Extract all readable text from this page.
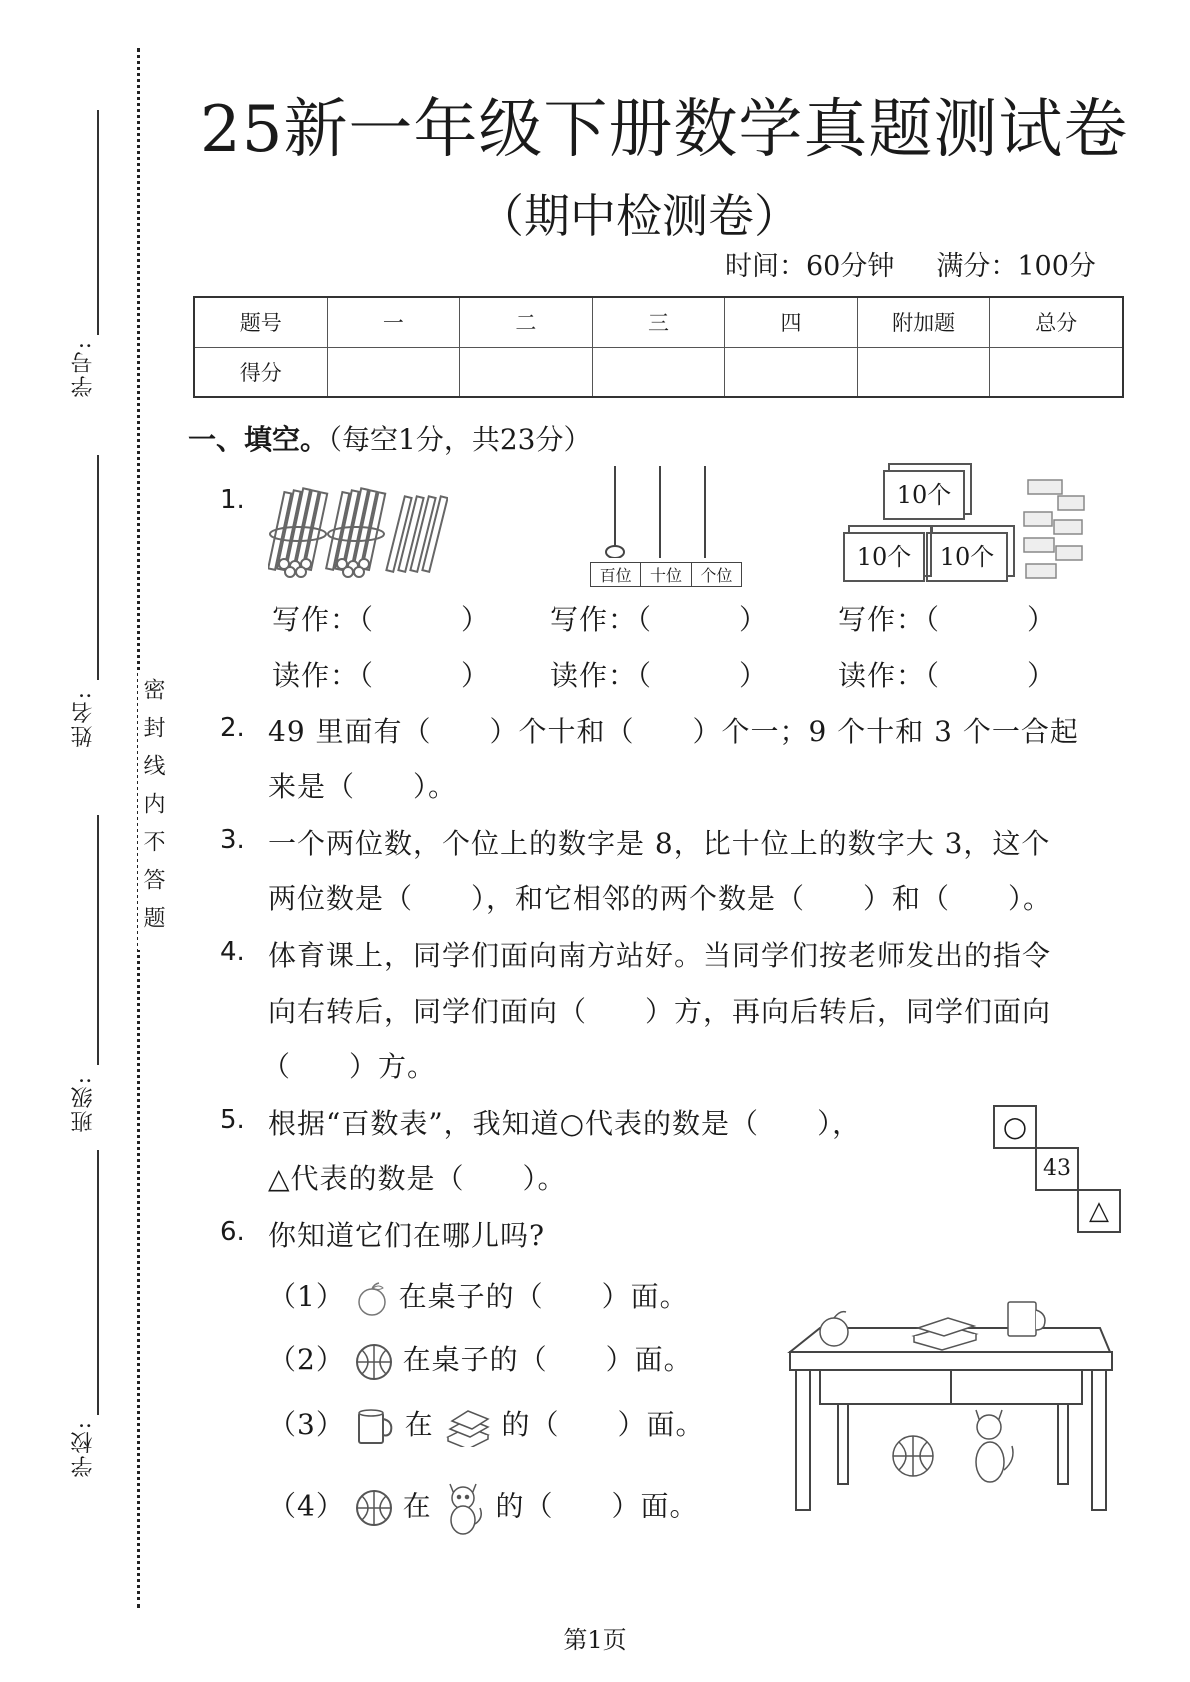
学号:
姓名:
班级:
学校:
密封线内不答题
25新一年级下册数学真题测试卷
（期中检测卷）
时间：60分钟 满分：100分
题号	一	二	三	四	附加题	总分
得分						
一、填空。（每空1分，共23分）
1.
百位	十位	个位
10个
10个	10个
写作：（　　　） 写作：（　　　） 写作：（　　　）
读作：（　　　） 读作：（　　　） 读作：（　　　）
2. 49 里面有（　　）个十和（　　）个一；9 个十和 3 个一合起
来是（　　）。
3. 一个两位数，个位上的数字是 8，比十位上的数字大 3，这个
两位数是（　　），和它相邻的两个数是（　　）和（　　）。
4. 体育课上，同学们面向南方站好。当同学们按老师发出的指令
向右转后，同学们面向（　　）方，再向后转后，同学们面向
（　　）方。
5. 根据“百数表”，我知道○代表的数是（　　），
△代表的数是（　　）。
○
43
△
6. 你知道它们在哪儿吗?
（1） 在桌子的（　　）面。
（2） 在桌子的（　　）面。
（3） 在 的（　　）面。
（4） 在 的（　　）面。
第1页
